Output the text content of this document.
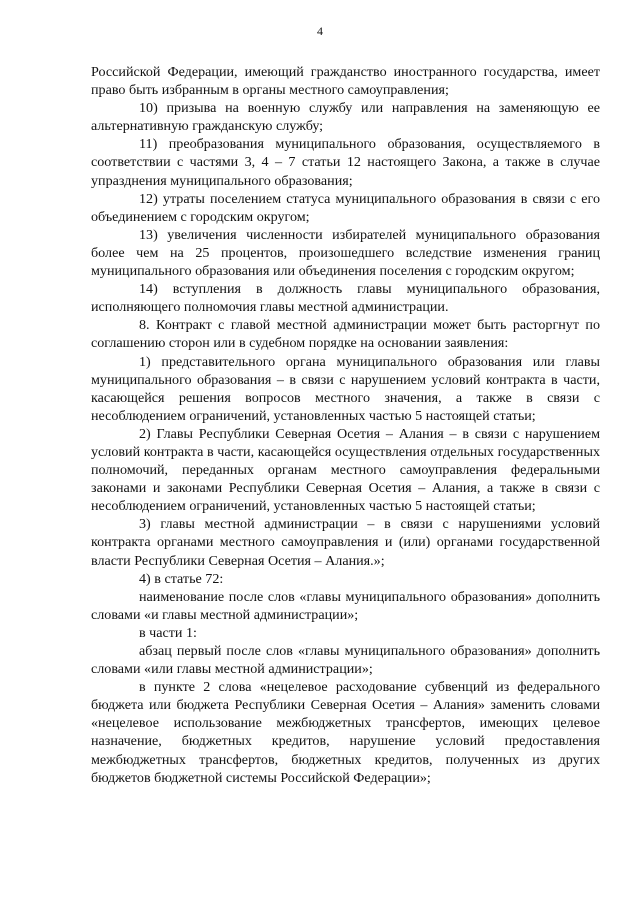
4

Российской Федерации, имеющий гражданство иностранного государства, имеет право быть избранным в органы местного самоуправления;

10) призыва на военную службу или направления на заменяющую ее альтернативную гражданскую службу;

11) преобразования муниципального образования, осуществляемого в соответствии с частями 3, 4 – 7 статьи 12 настоящего Закона, а также в случае упразднения муниципального образования;

12) утраты поселением статуса муниципального образования в связи с его объединением с городским округом;

13) увеличения численности избирателей муниципального образования более чем на 25 процентов, произошедшего вследствие изменения границ муниципального образования или объединения поселения с городским округом;

14) вступления в должность главы муниципального образования, исполняющего полномочия главы местной администрации.

8. Контракт с главой местной администрации может быть расторгнут по соглашению сторон или в судебном порядке на основании заявления:

1) представительного органа муниципального образования или главы муниципального образования – в связи с нарушением условий контракта в части, касающейся решения вопросов местного значения, а также в связи с несоблюдением ограничений, установленных частью 5 настоящей статьи;

2) Главы Республики Северная Осетия – Алания – в связи с нарушением условий контракта в части, касающейся осуществления отдельных государственных полномочий, переданных органам местного самоуправления федеральными законами и законами Республики Северная Осетия – Алания, а также в связи с несоблюдением ограничений, установленных частью 5 настоящей статьи;

3) главы местной администрации – в связи с нарушениями условий контракта органами местного самоуправления и (или) органами государственной власти Республики Северная Осетия – Алания.»;

4) в статье 72:

наименование после слов «главы муниципального образования» дополнить словами «и главы местной администрации»;

в части 1:

абзац первый после слов «главы муниципального образования» дополнить словами «или главы местной администрации»;

в пункте 2 слова «нецелевое расходование субвенций из федерального бюджета или бюджета Республики Северная Осетия – Алания» заменить словами «нецелевое использование межбюджетных трансфертов, имеющих целевое назначение, бюджетных кредитов, нарушение условий предоставления межбюджетных трансфертов, бюджетных кредитов, полученных из других бюджетов бюджетной системы Российской Федерации»;
